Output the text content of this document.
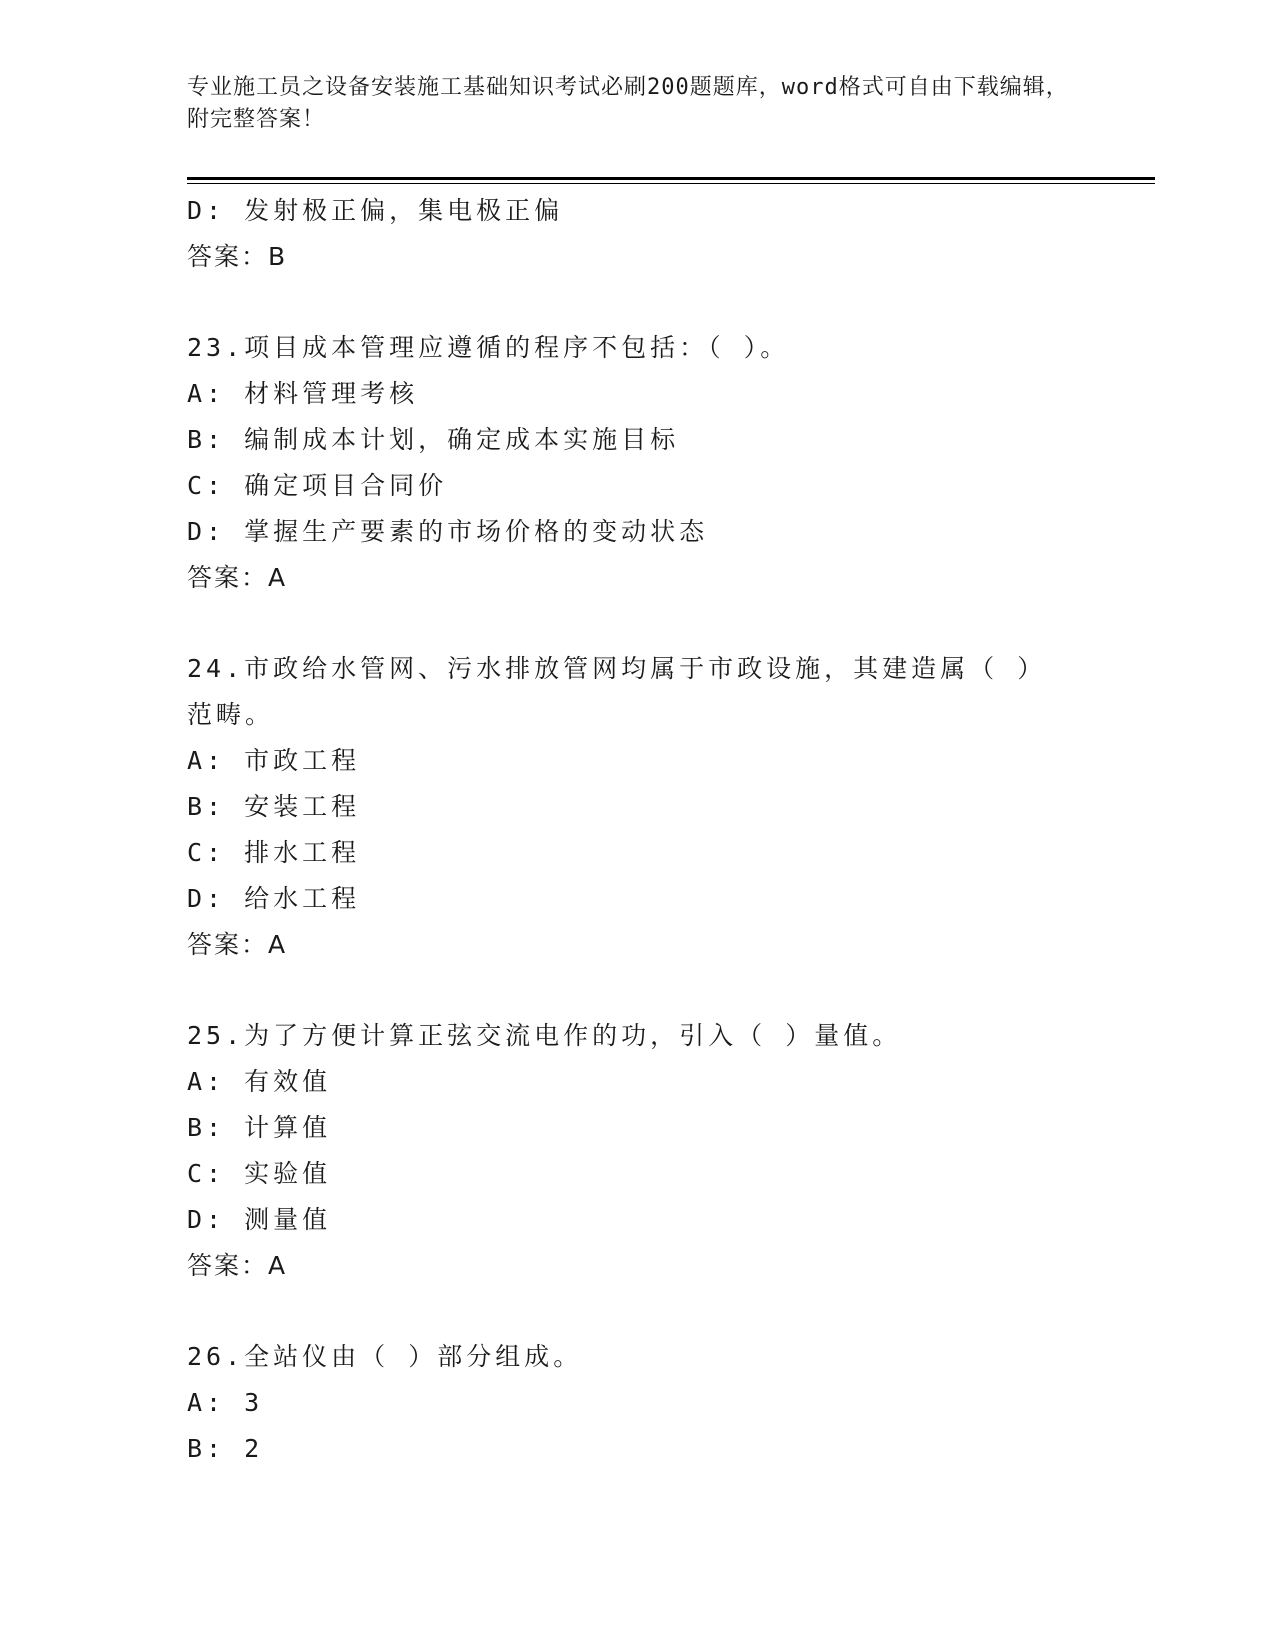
专业施工员之设备安装施工基础知识考试必刷200题题库，word格式可自由下载编辑，附完整答案！
D: 发射极正偏，集电极正偏
答案：B
23.项目成本管理应遵循的程序不包括：（ ）。
A: 材料管理考核
B: 编制成本计划，确定成本实施目标
C: 确定项目合同价
D: 掌握生产要素的市场价格的变动状态
答案：A
24.市政给水管网、污水排放管网均属于市政设施，其建造属（ ）范畴。
A: 市政工程
B: 安装工程
C: 排水工程
D: 给水工程
答案：A
25.为了方便计算正弦交流电作的功，引入（ ）量值。
A: 有效值
B: 计算值
C: 实验值
D: 测量值
答案：A
26.全站仪由（ ）部分组成。
A: 3
B: 2
